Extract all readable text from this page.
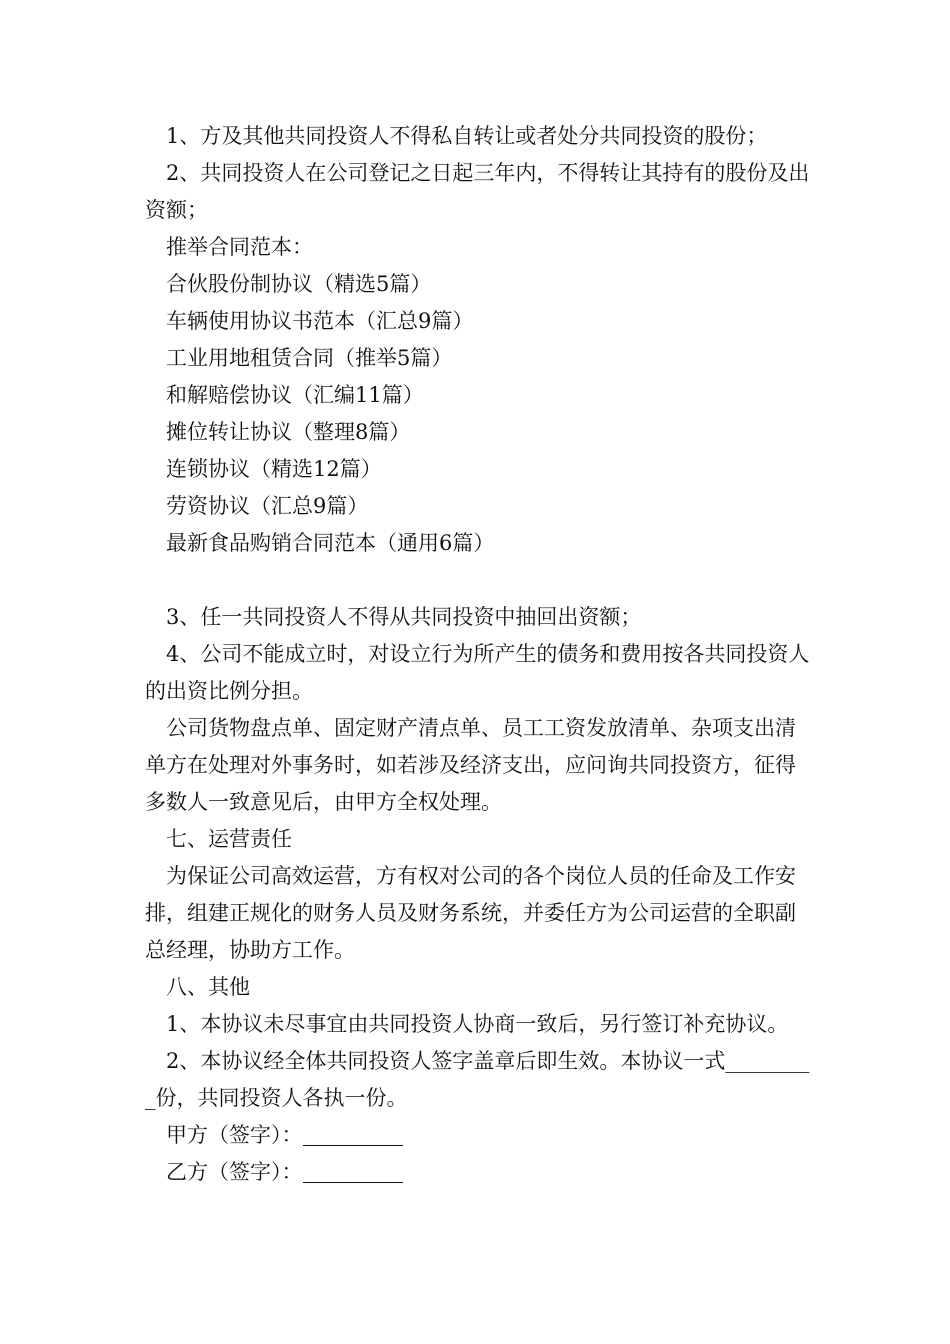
1、方及其他共同投资人不得私自转让或者处分共同投资的股份；

2、共同投资人在公司登记之日起三年内，不得转让其持有的股份及出资额；

推举合同范本：

合伙股份制协议（精选5篇）

车辆使用协议书范本（汇总9篇）

工业用地租赁合同（推举5篇）

和解赔偿协议（汇编11篇）

摊位转让协议（整理8篇）

连锁协议（精选12篇）

劳资协议（汇总9篇）

最新食品购销合同范本（通用6篇）

3、任一共同投资人不得从共同投资中抽回出资额；

4、公司不能成立时，对设立行为所产生的债务和费用按各共同投资人的出资比例分担。

公司货物盘点单、固定财产清点单、员工工资发放清单、杂项支出清单方在处理对外事务时，如若涉及经济支出，应问询共同投资方，征得多数人一致意见后，由甲方全权处理。

七、运营责任

为保证公司高效运营，方有权对公司的各个岗位人员的任命及工作安排，组建正规化的财务人员及财务系统，并委任方为公司运营的全职副总经理，协助方工作。

八、其他

1、本协议未尽事宜由共同投资人协商一致后，另行签订补充协议。

2、本协议经全体共同投资人签字盖章后即生效。本协议一式_________份，共同投资人各执一份。

甲方（签字）：

乙方（签字）：
